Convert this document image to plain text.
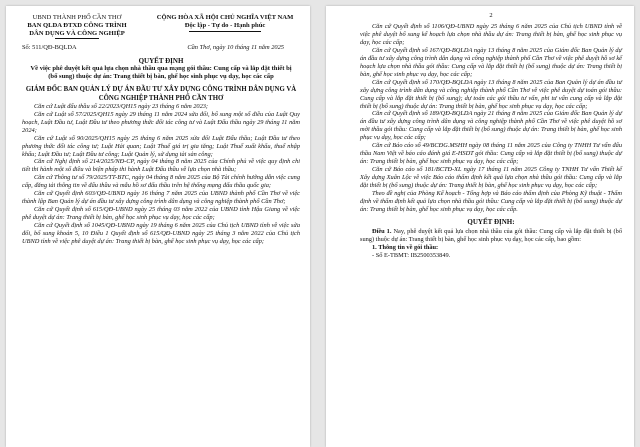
UBND THÀNH PHỐ CẦN THƠ
BAN QLDA ĐTXD CÔNG TRÌNH
DÂN DỤNG VÀ CÔNG NGHIỆP
CỘNG HÒA XÃ HỘI CHỦ NGHĨA VIỆT NAM
Độc lập - Tự do - Hạnh phúc
Số: 511/QĐ-BQLDA	Cần Thơ, ngày 10 tháng 11 năm 2025
QUYẾT ĐỊNH
Về việc phê duyệt kết quả lựa chọn nhà thầu qua mạng gói thầu: Cung cấp và lắp đặt thiết bị (bổ sung) thuộc dự án: Trang thiết bị bàn, ghế học sinh phục vụ dạy, học các cấp
GIÁM ĐỐC BAN QUẢN LÝ DỰ ÁN ĐẦU TƯ XÂY DỰNG CÔNG TRÌNH DÂN DỤNG VÀ CÔNG NGHIỆP THÀNH PHỐ CẦN THƠ

Căn cứ Luật đấu thầu số 22/2023/QH15 ngày 23 tháng 6 năm 2023;

Căn cứ Luật số 57/2025/QH15 ngày 29 tháng 11 năm 2024 sửa đổi, bổ sung một số điều của Luật Quy hoạch, Luật Đầu tư, Luật Đầu tư theo phương thức đối tác công tư và Luật Đấu thầu ngày 29 tháng 11 năm 2024;

Căn cứ Luật số 90/2025/QH15 ngày 25 tháng 6 năm 2025 sửa đổi Luật Đấu thầu; Luật Đầu tư theo phương thức đối tác công tư; Luật Hải quan; Luật Thuế giá trị gia tăng; Luật Thuế xuất khẩu, thuế nhập khẩu; Luật Đầu tư; Luật Đầu tư công; Luật Quản lý, sử dụng tài sản công;

Căn cứ Nghị định số 214/2025/NĐ-CP, ngày 04 tháng 8 năm 2025 của Chính phủ về việc quy định chi tiết thi hành một số điều và biện pháp thi hành Luật Đấu thầu về lựa chọn nhà thầu;

Căn cứ Thông tư số 79/2025/TT-BTC, ngày 04 tháng 8 năm 2025 của Bộ Tài chính hướng dẫn việc cung cấp, đăng tải thông tin về đấu thầu và mẫu hồ sơ đấu thầu trên hệ thống mạng đấu thầu quốc gia;

Căn cứ Quyết định 603/QĐ-UBND ngày 16 tháng 7 năm 2025 của UBND thành phố Cần Thơ về việc thành lập Ban Quản lý dự án đầu tư xây dựng công trình dân dụng và công nghiệp thành phố Cần Thơ;

Căn cứ Quyết định số 615/QĐ-UBND ngày 25 tháng 03 năm 2022 của UBND tỉnh Hậu Giang về việc phê duyệt dự án: Trang thiết bị bàn, ghế học sinh phục vụ dạy, học các cấp;

Căn cứ Quyết định số 1045/QĐ-UBND ngày 19 tháng 6 năm 2025 của Chủ tịch UBND tỉnh về việc sửa đổi, bổ sung khoản 5, 10 Điều 1 Quyết định số 615/QĐ-UBND ngày 25 tháng 3 năm 2022 của Chủ tịch UBND tỉnh về việc phê duyệt dự án: Trang thiết bị bàn, ghế học sinh phục vụ dạy, học các cấp;

2

Căn cứ Quyết định số 1106/QĐ-UBND ngày 25 tháng 6 năm 2025 của Chủ tịch UBND tỉnh về việc phê duyệt bổ sung kế hoạch lựa chọn nhà thầu dự án: Trang thiết bị bàn, ghế học sinh phục vụ dạy, học các cấp;

Căn cứ Quyết định số 167/QĐ-BQLDA ngày 13 tháng 8 năm 2025 của Giám đốc Ban Quản lý dự án đầu tư xây dựng công trình dân dụng và công nghiệp thành phố Cần Thơ về việc phê duyệt hồ sơ kế hoạch lựa chọn nhà thầu gói thầu: Cung cấp và lắp đặt thiết bị (bổ sung) thuộc dự án: Trang thiết bị bàn, ghế học sinh phục vụ dạy, học các cấp;

Căn cứ Quyết định số 170/QĐ-BQLDA ngày 13 tháng 8 năm 2025 của Ban Quản lý dự án đầu tư xây dựng công trình dân dụng và công nghiệp thành phố Cần Thơ về việc phê duyệt dự toán gói thầu: Cung cấp và lắp đặt thiết bị (bổ sung); dự toán các gói thầu tư vấn, phi tư vấn cung cấp và lắp đặt thiết bị (bổ sung) thuộc dự án: Trang thiết bị bàn, ghế học sinh phục vụ dạy, học các cấp;

Căn cứ Quyết định số 189/QĐ-BQLDA ngày 21 tháng 8 năm 2025 của Giám đốc Ban Quản lý dự án đầu tư xây dựng công trình dân dụng và công nghiệp thành phố Cần Thơ về việc phê duyệt hồ sơ mời thầu gói thầu: Cung cấp và lắp đặt thiết bị (bổ sung) thuộc dự án: Trang thiết bị bàn, ghế học sinh phục vụ dạy, học các cấp;

Căn cứ Báo cáo số 49/BCĐG.MSHH ngày 08 tháng 11 năm 2025 của Công ty TNHH Tư vấn đấu thầu Nam Việt về báo cáo đánh giá E-HSDT gói thầu: Cung cấp và lắp đặt thiết bị (bổ sung) thuộc dự án: Trang thiết bị bàn, ghế học sinh phục vụ dạy, học các cấp;

Căn cứ Báo cáo số 181/BCTĐ-XL ngày 17 tháng 11 năm 2025 Công ty TNHH Tư vấn Thiết kế Xây dựng Xuân Lộc về việc Báo cáo thẩm định kết quả lựa chọn nhà thầu gói thầu: Cung cấp và lắp đặt thiết bị (bổ sung) thuộc dự án: Trang thiết bị bàn, ghế học sinh phục vụ dạy, học các cấp;

Theo đề nghị của Phòng Kế hoạch - Tổng hợp và Báo cáo thẩm định của Phòng Kỹ thuật - Thẩm định về thẩm định kết quả lựa chọn nhà thầu gói thầu: Cung cấp và lắp đặt thiết bị (bổ sung) thuộc dự án: Trang thiết bị bàn, ghế học sinh phục vụ dạy, học các cấp.

QUYẾT ĐỊNH:

Điều 1. Nay, phê duyệt kết quả lựa chọn nhà thầu của gói thầu: Cung cấp và lắp đặt thiết bị (bổ sung) thuộc dự án: Trang thiết bị bàn, ghế học sinh phục vụ dạy, học các cấp, bao gồm:

1. Thông tin về gói thầu:

- Số E-TBMT: IB2500353849.
